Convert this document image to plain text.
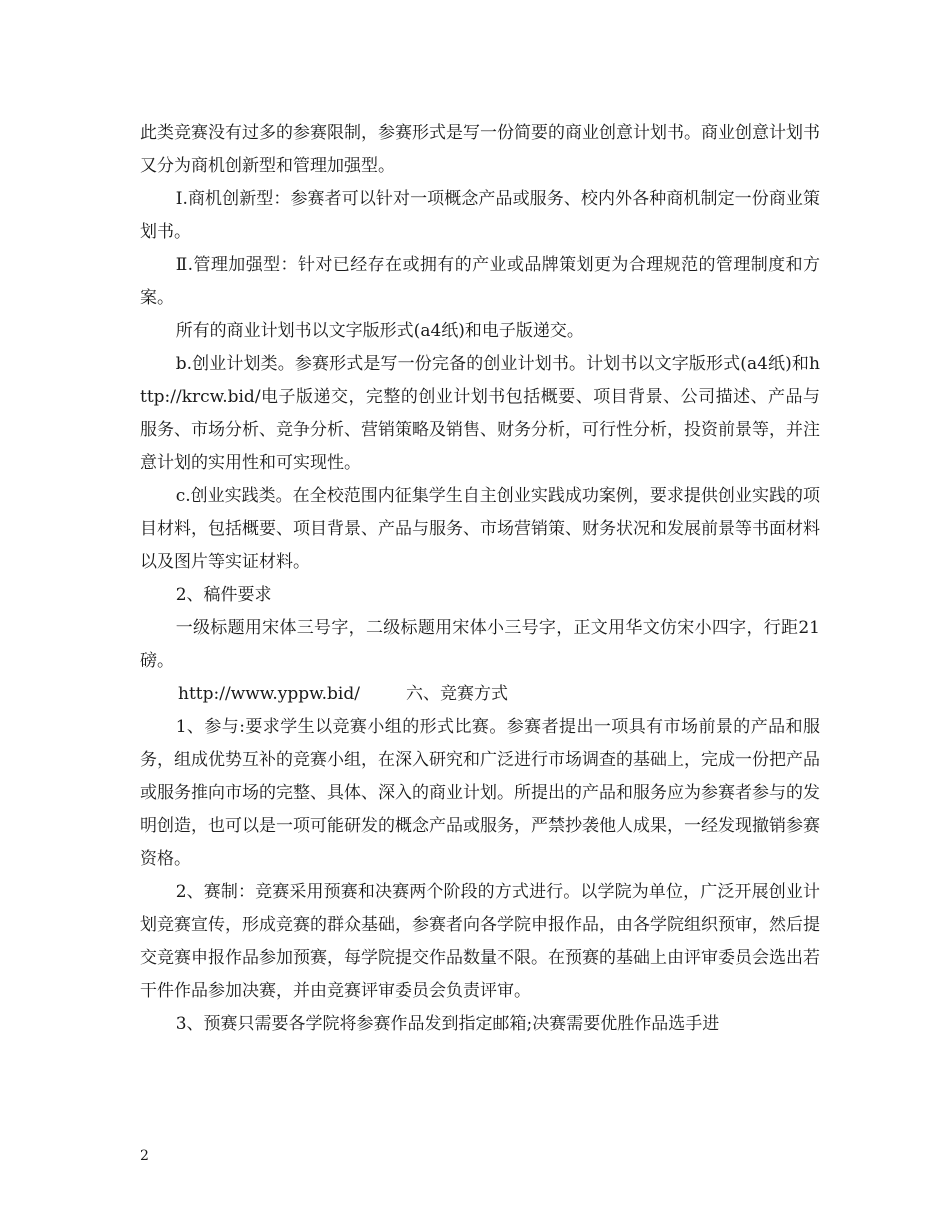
此类竞赛没有过多的参赛限制，参赛形式是写一份简要的商业创意计划书。商业创意计划书又分为商机创新型和管理加强型。

Ⅰ.商机创新型：参赛者可以针对一项概念产品或服务、校内外各种商机制定一份商业策划书。

Ⅱ.管理加强型：针对已经存在或拥有的产业或品牌策划更为合理规范的管理制度和方案。

所有的商业计划书以文字版形式(a4纸)和电子版递交。

b.创业计划类。参赛形式是写一份完备的创业计划书。计划书以文字版形式(a4纸)和http://krcw.bid/电子版递交，完整的创业计划书包括概要、项目背景、公司描述、产品与服务、市场分析、竞争分析、营销策略及销售、财务分析，可行性分析，投资前景等，并注意计划的实用性和可实现性。

c.创业实践类。在全校范围内征集学生自主创业实践成功案例，要求提供创业实践的项目材料，包括概要、项目背景、产品与服务、市场营销策、财务状况和发展前景等书面材料以及图片等实证材料。

2、稿件要求

一级标题用宋体三号字，二级标题用宋体小三号字，正文用华文仿宋小四字，行距21磅。

http://www.yppw.bid/	六、竞赛方式

1、参与:要求学生以竞赛小组的形式比赛。参赛者提出一项具有市场前景的产品和服务，组成优势互补的竞赛小组，在深入研究和广泛进行市场调查的基础上，完成一份把产品或服务推向市场的完整、具体、深入的商业计划。所提出的产品和服务应为参赛者参与的发明创造，也可以是一项可能研发的概念产品或服务，严禁抄袭他人成果，一经发现撤销参赛资格。

2、赛制：竞赛采用预赛和决赛两个阶段的方式进行。以学院为单位，广泛开展创业计划竞赛宣传，形成竞赛的群众基础，参赛者向各学院申报作品，由各学院组织预审，然后提交竞赛申报作品参加预赛，每学院提交作品数量不限。在预赛的基础上由评审委员会选出若干件作品参加决赛，并由竞赛评审委员会负责评审。

3、预赛只需要各学院将参赛作品发到指定邮箱;决赛需要优胜作品选手进

2
